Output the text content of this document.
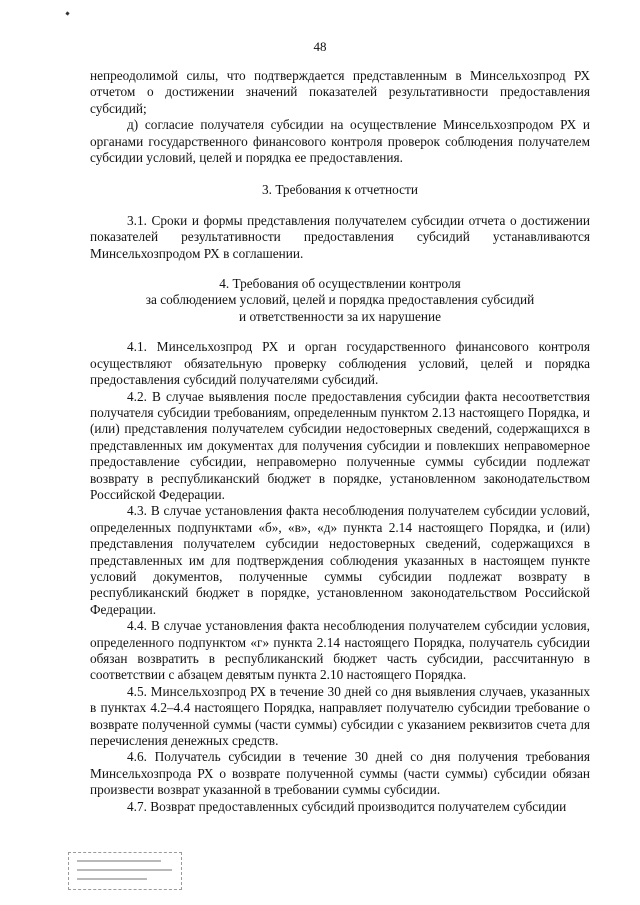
48

непреодолимой силы, что подтверждается представленным в Минсельхозпрод РХ отчетом о достижении значений показателей результативности предоставления субсидий;

д) согласие получателя субсидии на осуществление Минсельхозпродом РХ и органами государственного финансового контроля проверок соблюдения получателем субсидии условий, целей и порядка ее предоставления.

3. Требования к отчетности

3.1. Сроки и формы представления получателем субсидии отчета о достижении показателей результативности предоставления субсидий устанавливаются Минсельхозпродом РХ в соглашении.

4. Требования об осуществлении контроля

за соблюдением условий, целей и порядка предоставления субсидий

и ответственности за их нарушение

4.1. Минсельхозпрод РХ и орган государственного финансового контроля осуществляют обязательную проверку соблюдения условий, целей и порядка предоставления субсидий получателями субсидий.

4.2. В случае выявления после предоставления субсидии факта несоответствия получателя субсидии требованиям, определенным пунктом 2.13 настоящего Порядка, и (или) представления получателем субсидии недостоверных сведений, содержащихся в представленных им документах для получения субсидии и повлекших неправомерное предоставление субсидии, неправомерно полученные суммы субсидии подлежат возврату в республиканский бюджет в порядке, установленном законодательством Российской Федерации.

4.3. В случае установления факта несоблюдения получателем субсидии условий, определенных подпунктами «б», «в», «д» пункта 2.14 настоящего Порядка, и (или) представления получателем субсидии недостоверных сведений, содержащихся в представленных им для подтверждения соблюдения указанных в настоящем пункте условий документов, полученные суммы субсидии подлежат возврату в республиканский бюджет в порядке, установленном законодательством Российской Федерации.

4.4. В случае установления факта несоблюдения получателем субсидии условия, определенного подпунктом «г» пункта 2.14 настоящего Порядка, получатель субсидии обязан возвратить в республиканский бюджет часть субсидии, рассчитанную в соответствии с абзацем девятым пункта 2.10 настоящего Порядка.

4.5. Минсельхозпрод РХ в течение 30 дней со дня выявления случаев, указанных в пунктах 4.2–4.4 настоящего Порядка, направляет получателю субсидии требование о возврате полученной суммы (части суммы) субсидии с указанием реквизитов счета для перечисления денежных средств.

4.6. Получатель субсидии в течение 30 дней со дня получения требования Минсельхозпрода РХ о возврате полученной суммы (части суммы) субсидии обязан произвести возврат указанной в требовании суммы субсидии.

4.7. Возврат предоставленных субсидий производится получателем субсидии
